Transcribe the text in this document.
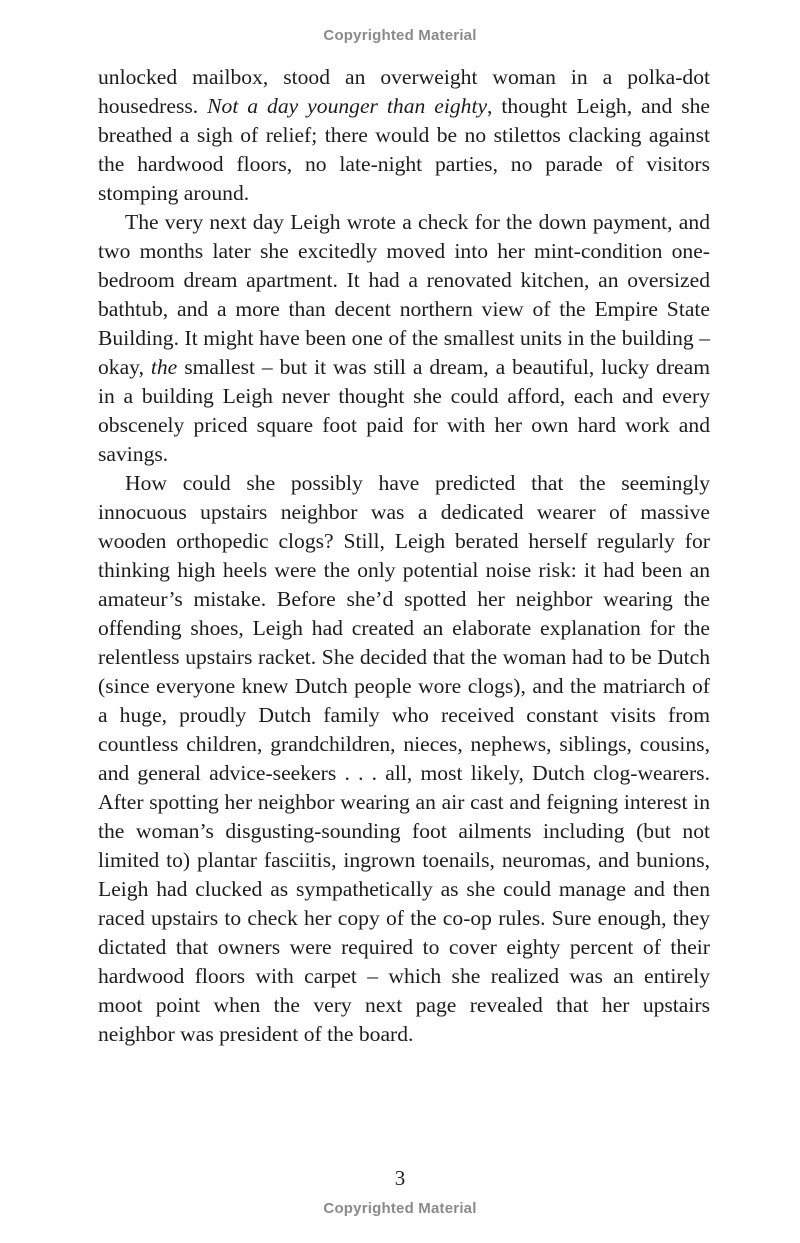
Copyrighted Material

unlocked mailbox, stood an overweight woman in a polka-dot housedress. Not a day younger than eighty, thought Leigh, and she breathed a sigh of relief; there would be no stilettos clacking against the hardwood floors, no late-night parties, no parade of visitors stomping around.

The very next day Leigh wrote a check for the down payment, and two months later she excitedly moved into her mint-condition one-bedroom dream apartment. It had a renovated kitchen, an oversized bathtub, and a more than decent northern view of the Empire State Building. It might have been one of the smallest units in the building – okay, the smallest – but it was still a dream, a beautiful, lucky dream in a building Leigh never thought she could afford, each and every obscenely priced square foot paid for with her own hard work and savings.

How could she possibly have predicted that the seemingly innocuous upstairs neighbor was a dedicated wearer of massive wooden orthopedic clogs? Still, Leigh berated herself regularly for thinking high heels were the only potential noise risk: it had been an amateur’s mistake. Before she’d spotted her neighbor wearing the offending shoes, Leigh had created an elaborate explanation for the relentless upstairs racket. She decided that the woman had to be Dutch (since everyone knew Dutch people wore clogs), and the matriarch of a huge, proudly Dutch family who received constant visits from countless children, grandchildren, nieces, nephews, siblings, cousins, and general advice-seekers . . . all, most likely, Dutch clog-wearers. After spotting her neighbor wearing an air cast and feigning interest in the woman’s disgusting-sounding foot ailments including (but not limited to) plantar fasciitis, ingrown toenails, neuromas, and bunions, Leigh had clucked as sympathetically as she could manage and then raced upstairs to check her copy of the co-op rules. Sure enough, they dictated that owners were required to cover eighty percent of their hardwood floors with carpet – which she realized was an entirely moot point when the very next page revealed that her upstairs neighbor was president of the board.

3
Copyrighted Material
